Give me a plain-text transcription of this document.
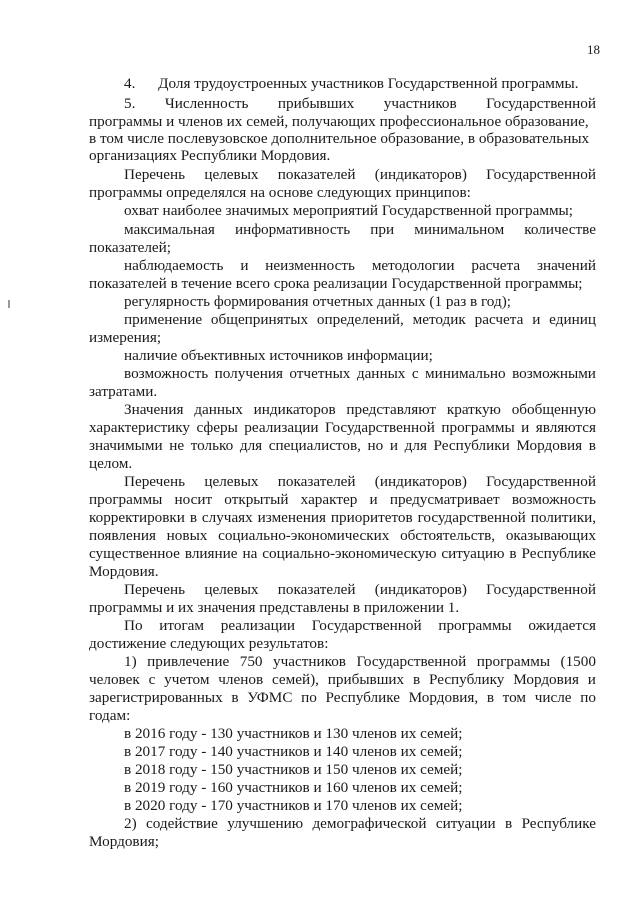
18
4.      Доля трудоустроенных участников Государственной программы.
5. Численность прибывших участников Государственной
программы и членов их семей, получающих профессиональное образование,
в том числе послевузовское дополнительное образование, в образовательных
организациях Республики Мордовия.
Перечень целевых показателей (индикаторов) Государственной
программы определялся на основе следующих принципов:
охват наиболее значимых мероприятий Государственной программы;
максимальная информативность при минимальном количестве
показателей;
наблюдаемость и неизменность методологии расчета значений
показателей в течение всего срока реализации Государственной программы;
регулярность формирования отчетных данных (1 раз в год);
применение общепринятых определений, методик расчета и единиц
измерения;
наличие объективных источников информации;
возможность получения отчетных данных с минимально возможными
затратами.
Значения данных индикаторов представляют краткую обобщенную
характеристику сферы реализации Государственной программы и являются
значимыми не только для специалистов, но и для Республики Мордовия в
целом.
Перечень целевых показателей (индикаторов) Государственной
программы носит открытый характер и предусматривает возможность
корректировки в случаях изменения приоритетов государственной политики,
появления новых социально-экономических обстоятельств, оказывающих
существенное влияние на социально-экономическую ситуацию в Республике
Мордовия.
Перечень целевых показателей (индикаторов) Государственной
программы и их значения представлены в приложении 1.
По итогам реализации Государственной программы ожидается
достижение следующих результатов:
1) привлечение 750 участников Государственной программы (1500
человек с учетом членов семей), прибывших в Республику Мордовия и
зарегистрированных в УФМС по Республике Мордовия, в том числе по
годам:
в 2016 году - 130 участников и 130 членов их семей;
в 2017 году - 140 участников и 140 членов их семей;
в 2018 году - 150 участников и 150 членов их семей;
в 2019 году - 160 участников и 160 членов их семей;
в 2020 году - 170 участников и 170 членов их семей;
2) содействие улучшению демографической ситуации в Республике
Мордовия;
